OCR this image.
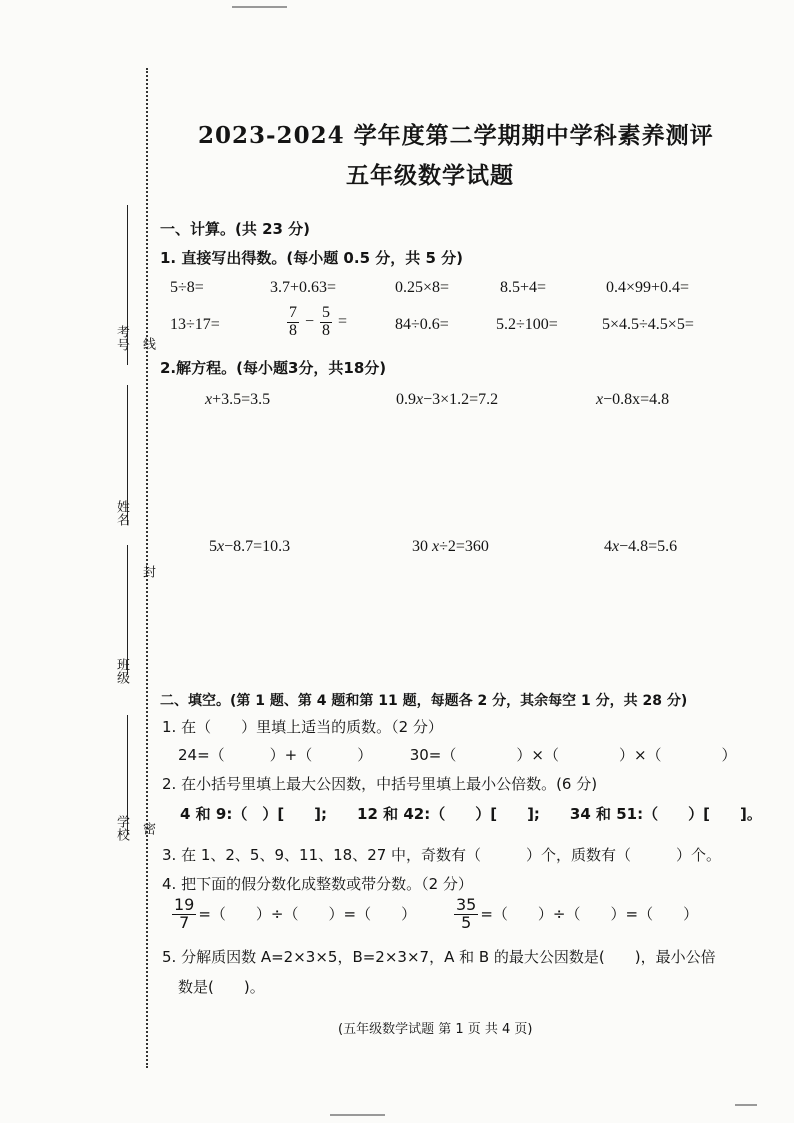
考号
姓名
班级
学校
线
封
密
2023-2024 学年度第二学期期中学科素养测评
五年级数学试题
一、计算。(共 23 分)
1. 直接写出得数。(每小题 0.5 分，共 5 分)
5÷8=	3.7+0.63=	0.25×8=	8.5+4=	0.4×99+0.4=
13÷17=	$\frac{7}{8} - \frac{5}{8}$ =	84÷0.6=	5.2÷100=	5×4.5÷4.5×5=
2.解方程。(每小题3分，共18分)
x+3.5=3.5	0.9x−3×1.2=7.2	x−0.8x=4.8
5x−8.7=10.3	30 x÷2=360	4x−4.8=5.6
二、填空。(第 1 题、第 4 题和第 11 题，每题各 2 分，其余每空 1 分，共 28 分)
1. 在（　　）里填上适当的质数。（2 分）
24=（　　　）+（　　　）　　　30=（　　　　）×（　　　　）×（　　　　）
2. 在小括号里填上最大公因数，中括号里填上最小公倍数。(6 分)
4 和 9:（　）[　　];　　12 和 42:（　　）[　　];　　34 和 51:（　　）[　　]。
3. 在 1、2、5、9、11、18、27 中，奇数有（　　　）个，质数有（　　　）个。
4. 把下面的假分数化成整数或带分数。（2 分）
$\frac{19}{7}$ =（　　）÷（　　）=（　　） $\frac{35}{5}$ =（　　）÷（　　）=（　　）
5. 分解质因数 A=2×3×5，B=2×3×7，A 和 B 的最大公因数是(　　)，最小公倍
数是(　　)。
(五年级数学试题 第 1 页 共 4 页)
